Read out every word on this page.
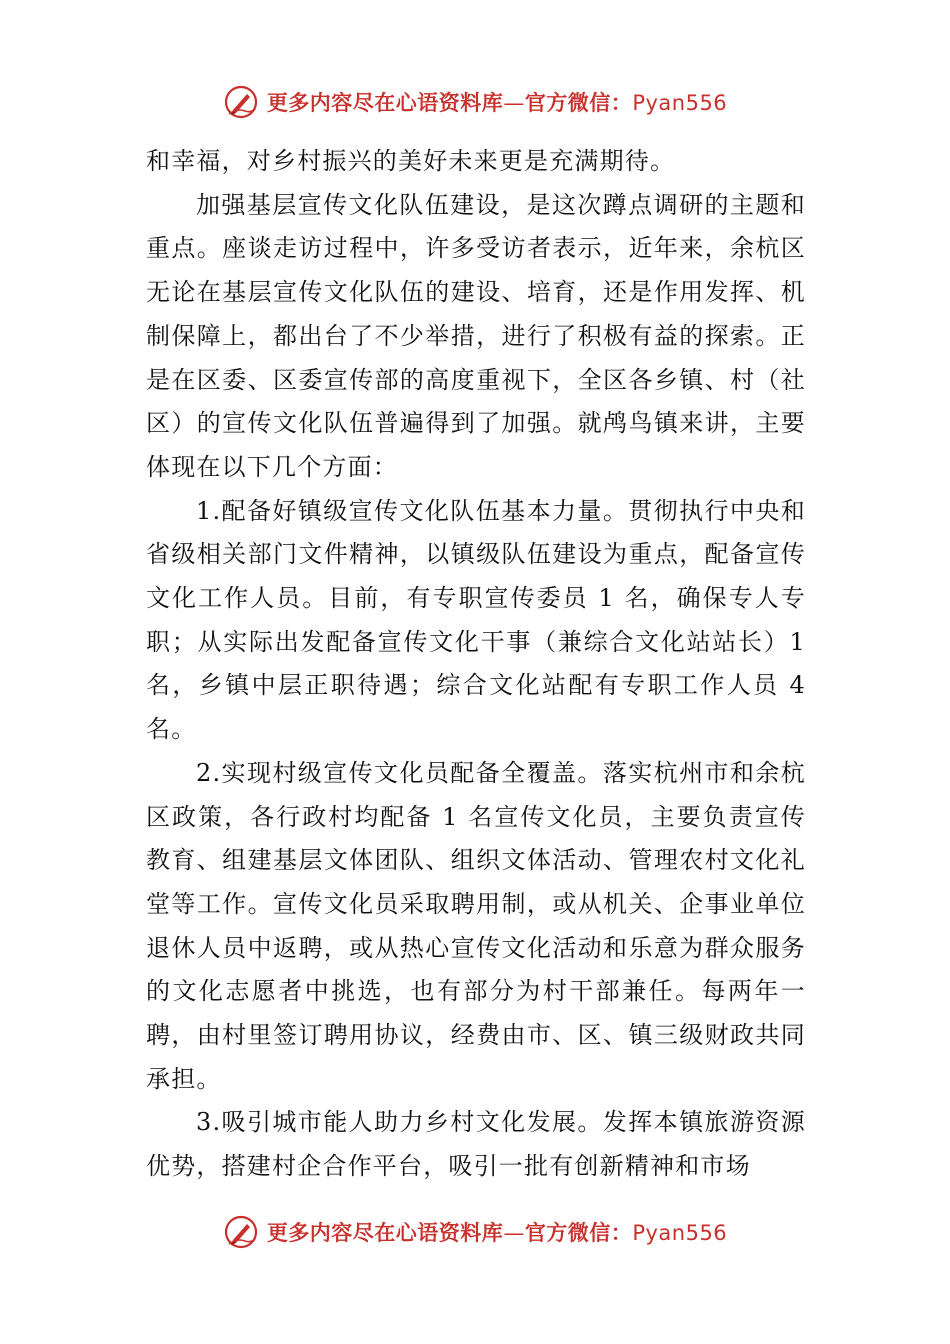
更多内容尽在心语资料库—官方微信：Pyan556

和幸福，对乡村振兴的美好未来更是充满期待。

加强基层宣传文化队伍建设，是这次蹲点调研的主题和重点。座谈走访过程中，许多受访者表示，近年来，余杭区无论在基层宣传文化队伍的建设、培育，还是作用发挥、机制保障上，都出台了不少举措，进行了积极有益的探索。正是在区委、区委宣传部的高度重视下，全区各乡镇、村（社区）的宣传文化队伍普遍得到了加强。就鸬鸟镇来讲，主要体现在以下几个方面：

1.配备好镇级宣传文化队伍基本力量。贯彻执行中央和省级相关部门文件精神，以镇级队伍建设为重点，配备宣传文化工作人员。目前，有专职宣传委员 1 名，确保专人专职；从实际出发配备宣传文化干事（兼综合文化站站长）1 名，乡镇中层正职待遇；综合文化站配有专职工作人员 4 名。

2.实现村级宣传文化员配备全覆盖。落实杭州市和余杭区政策，各行政村均配备 1 名宣传文化员，主要负责宣传教育、组建基层文体团队、组织文体活动、管理农村文化礼堂等工作。宣传文化员采取聘用制，或从机关、企事业单位退休人员中返聘，或从热心宣传文化活动和乐意为群众服务的文化志愿者中挑选，也有部分为村干部兼任。每两年一聘，由村里签订聘用协议，经费由市、区、镇三级财政共同承担。

3.吸引城市能人助力乡村文化发展。发挥本镇旅游资源优势，搭建村企合作平台，吸引一批有创新精神和市场

更多内容尽在心语资料库—官方微信：Pyan556
